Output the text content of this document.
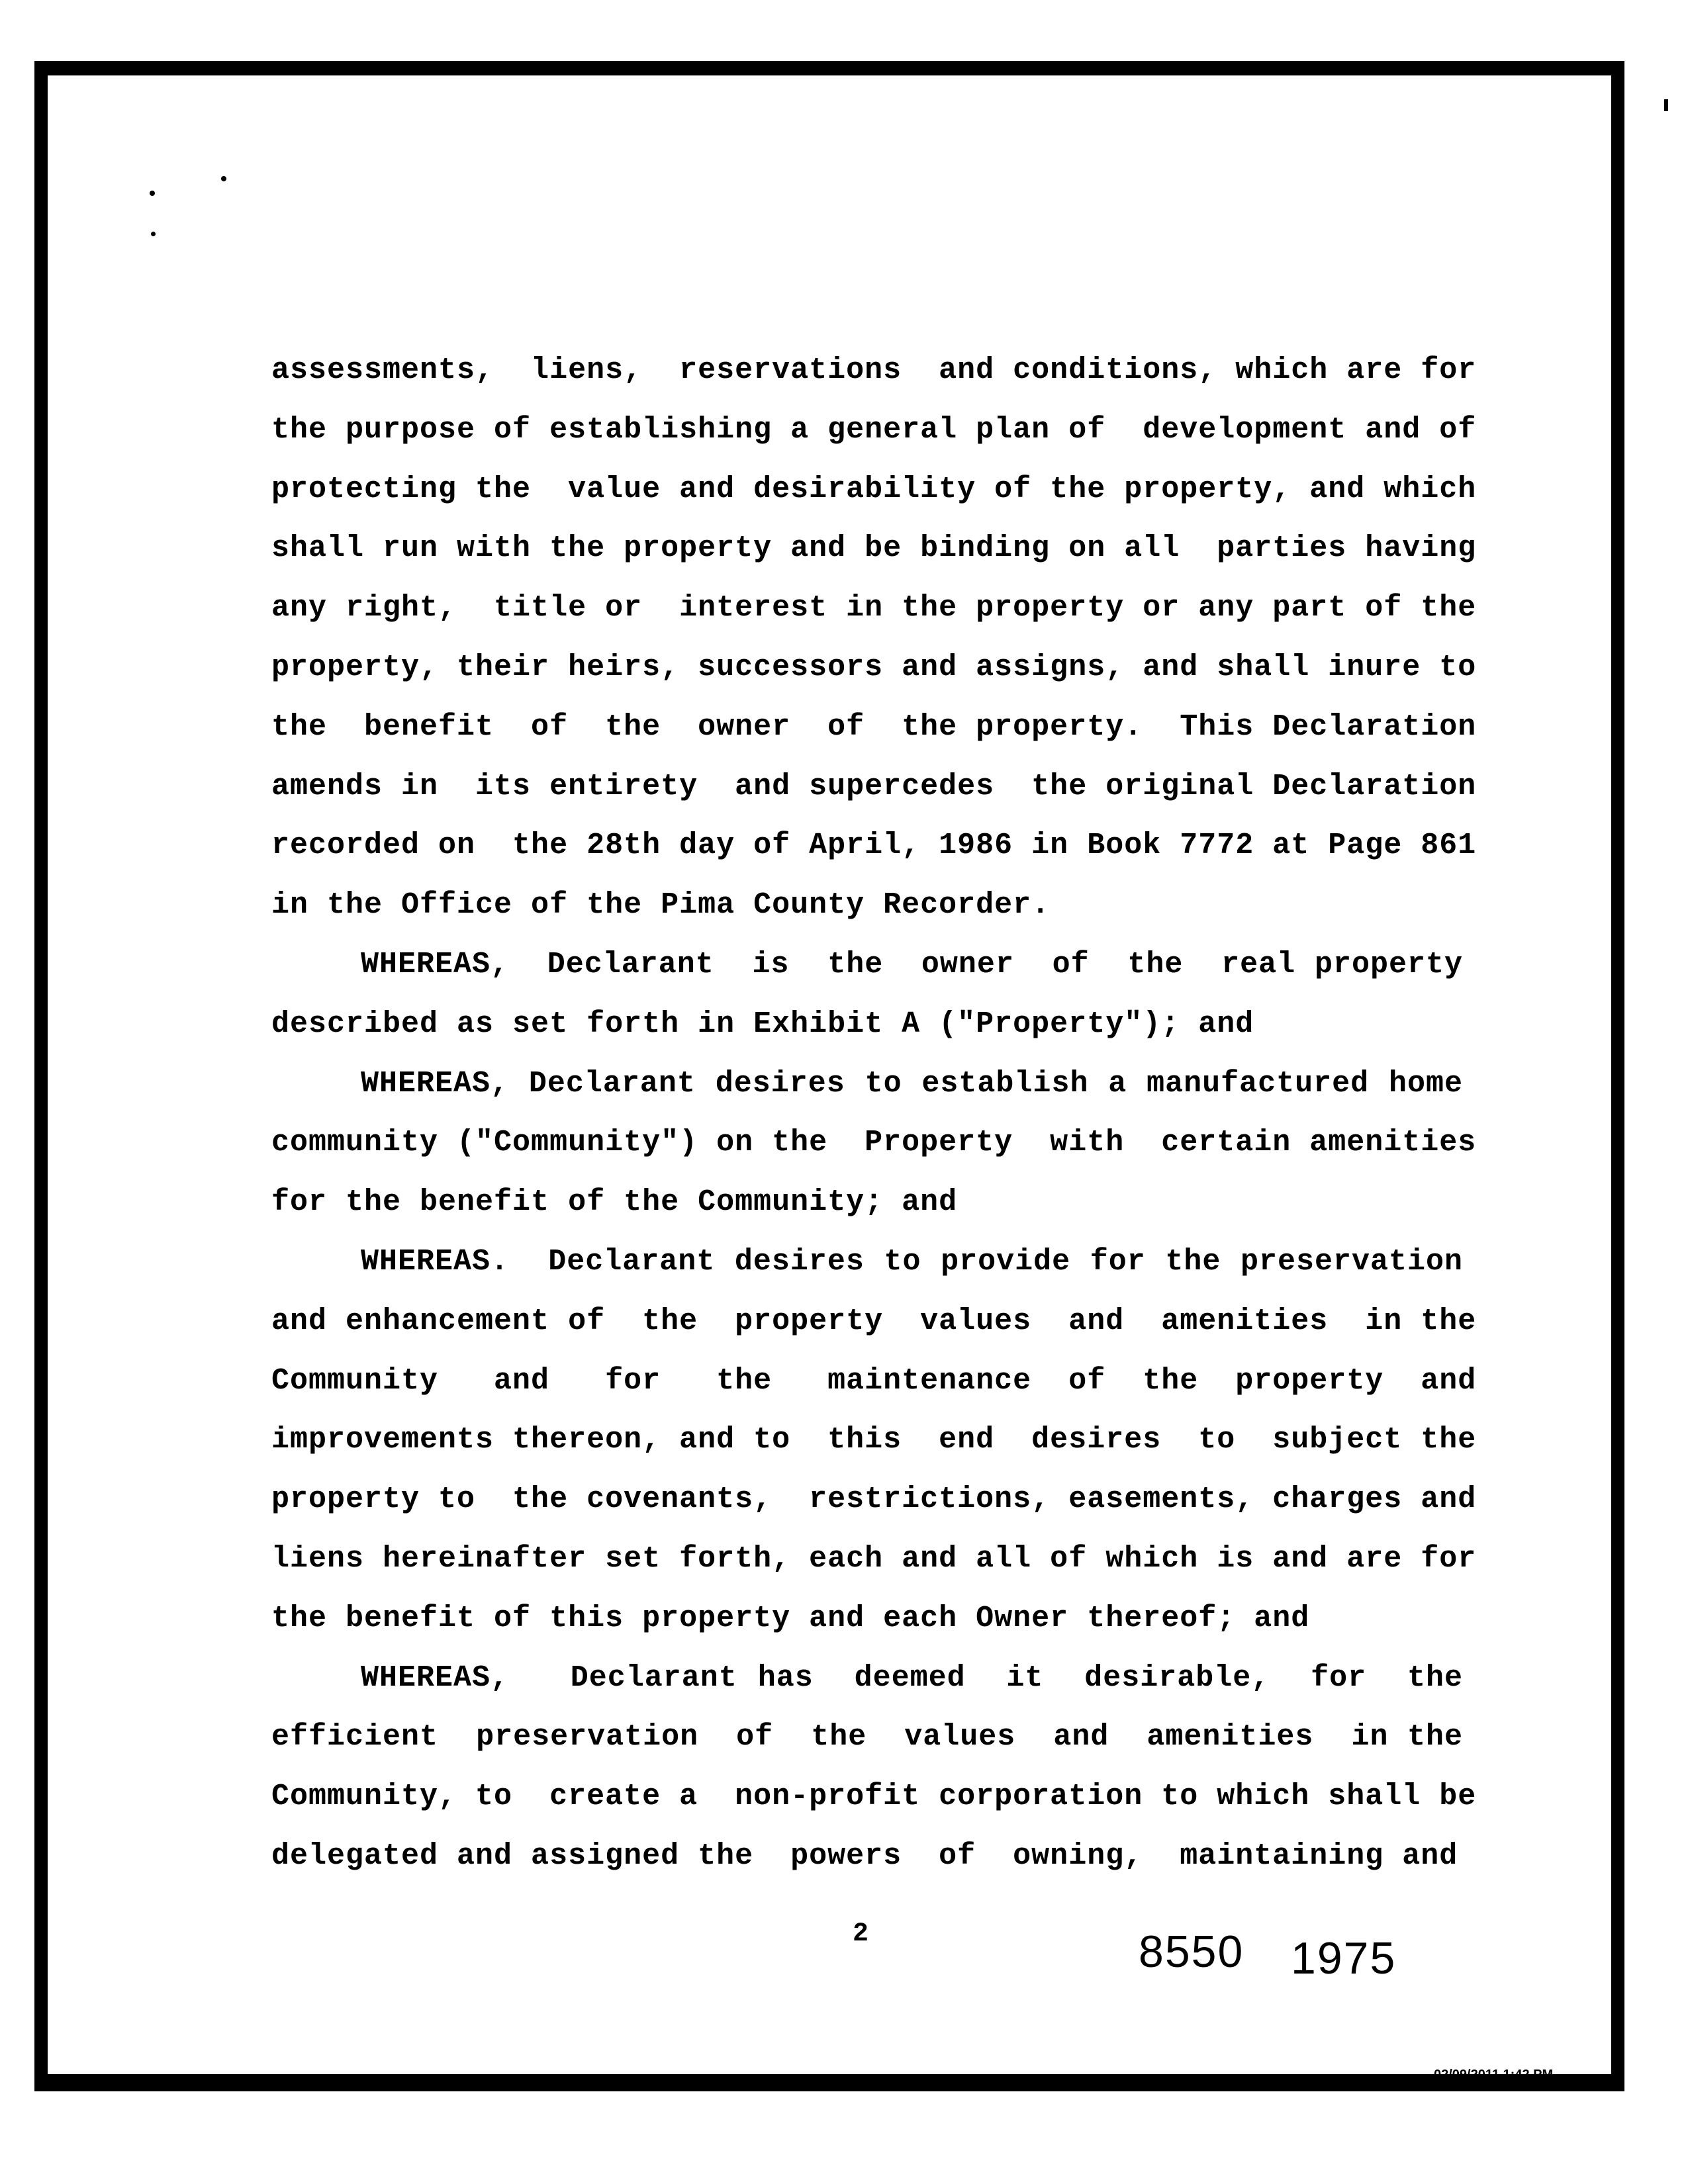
assessments,  liens,  reservations  and conditions, which are for
the purpose of establishing a general plan of  development and of
protecting the  value and desirability of the property, and which
shall run with the property and be binding on all  parties having
any right,  title or  interest in the property or any part of the
property, their heirs, successors and assigns, and shall inure to
the  benefit  of  the  owner  of  the property.  This Declaration
amends in  its entirety  and supercedes  the original Declaration
recorded on  the 28th day of April, 1986 in Book 7772 at Page 861
in the Office of the Pima County Recorder.
WHEREAS,  Declarant  is  the  owner  of  the  real property
described as set forth in Exhibit A ("Property"); and
WHEREAS, Declarant desires to establish a manufactured home
community ("Community") on the  Property  with  certain amenities
for the benefit of the Community; and
WHEREAS.  Declarant desires to provide for the preservation
and enhancement of  the  property  values  and  amenities  in the
Community   and   for   the   maintenance  of  the  property  and
improvements thereon, and to  this  end  desires  to  subject the
property to  the covenants,  restrictions, easements, charges and
liens hereinafter set forth, each and all of which is and are for
the benefit of this property and each Owner thereof; and
WHEREAS,   Declarant has  deemed  it  desirable,  for  the
efficient  preservation  of  the  values  and  amenities  in the
Community, to  create a  non-profit corporation to which shall be
delegated and assigned the  powers  of  owning,  maintaining and
2	8550 1975
02/09/2011 1:42 PM
